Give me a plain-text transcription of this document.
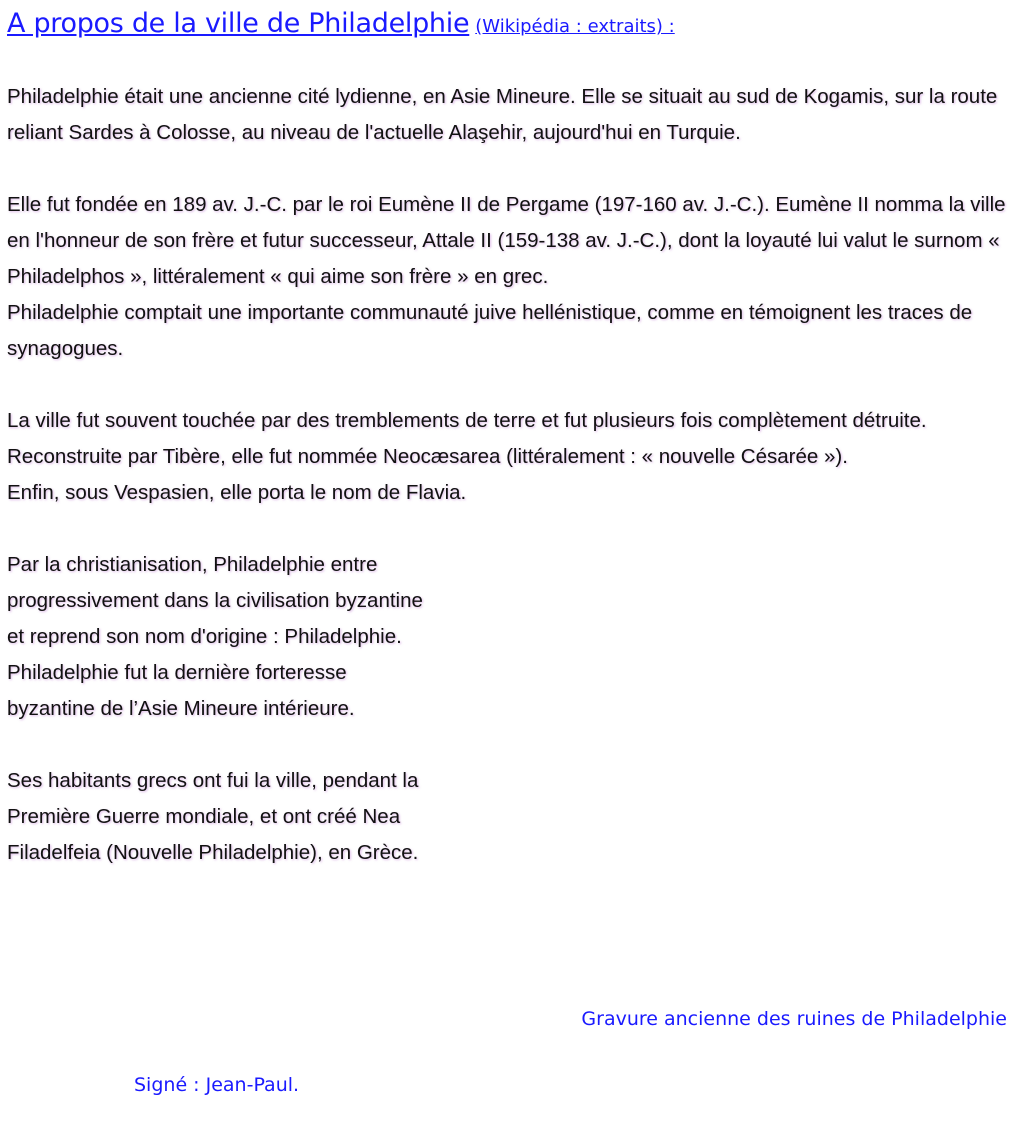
A propos de la ville de Philadelphie (Wikipédia : extraits) :

Philadelphie était une ancienne cité lydienne, en Asie Mineure. Elle se situait au sud de Kogamis, sur la route reliant Sardes à Colosse, au niveau de l'actuelle Alaşehir, aujourd'hui en Turquie.

Elle fut fondée en 189 av. J.-C. par le roi Eumène II de Pergame (197-160 av. J.-C.). Eumène II nomma la ville en l'honneur de son frère et futur successeur, Attale II (159-138 av. J.-C.), dont la loyauté lui valut le surnom « Philadelphos », littéralement « qui aime son frère » en grec.
Philadelphie comptait une importante communauté juive hellénistique, comme en témoignent les traces de synagogues.

La ville fut souvent touchée par des tremblements de terre et fut plusieurs fois complètement détruite.
Reconstruite par Tibère, elle fut nommée Neocæsarea (littéralement : « nouvelle Césarée »).
Enfin, sous Vespasien, elle porta le nom de Flavia.

Par la christianisation, Philadelphie entre
progressivement dans la civilisation byzantine
et reprend son nom d'origine : Philadelphie.
Philadelphie fut la dernière forteresse
byzantine de l’Asie Mineure intérieure.

Ses habitants grecs ont fui la ville, pendant la
Première Guerre mondiale, et ont créé Nea
Filadelfeia (Nouvelle Philadelphie), en Grèce.

Gravure ancienne des ruines de Philadelphie
Signé : Jean-Paul.
